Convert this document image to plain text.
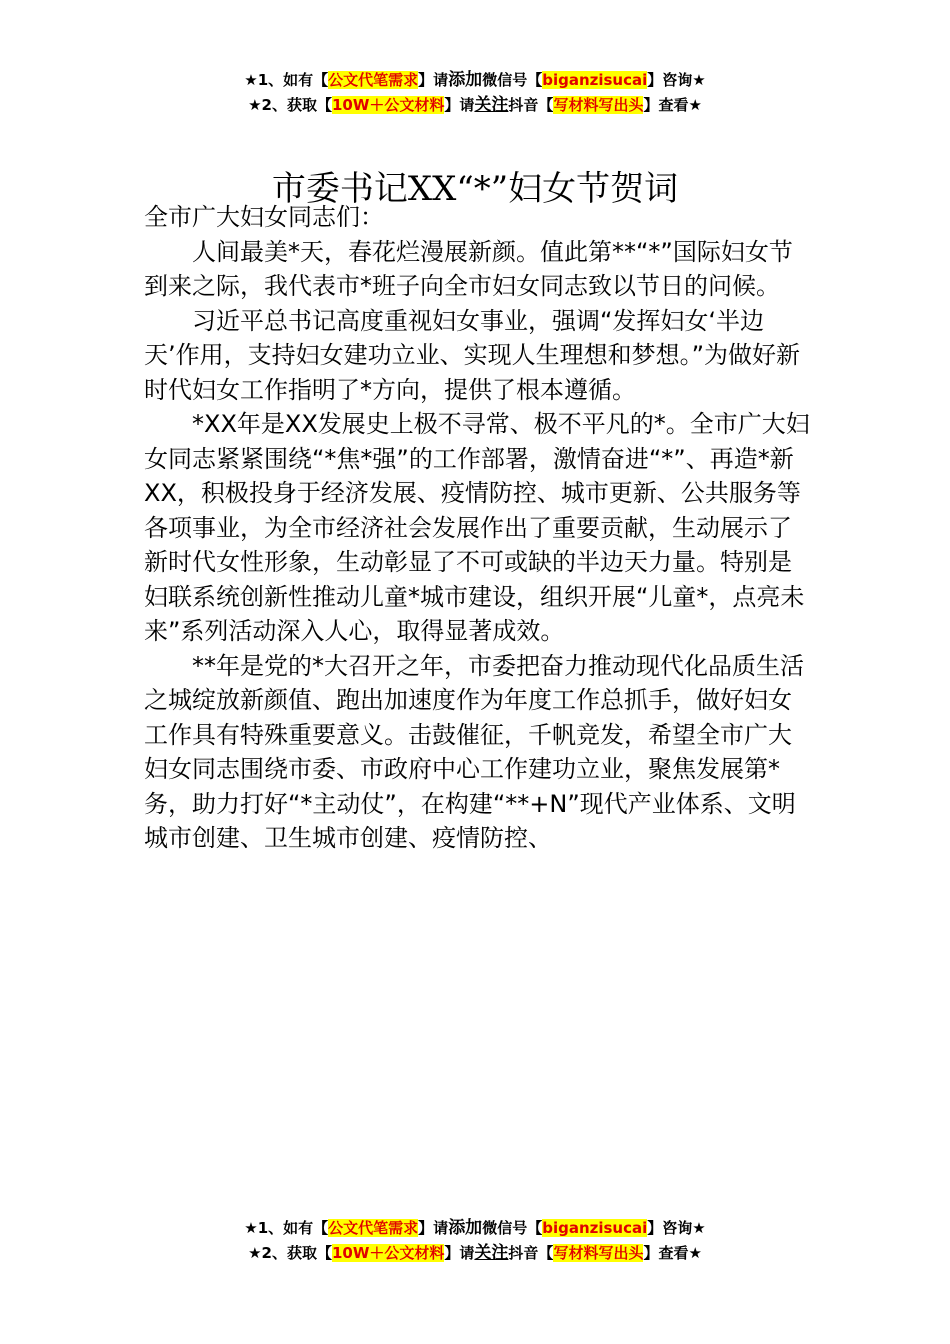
★1、如有【公文代笔需求】请添加微信号【biganzisucai】咨询★
★2、获取【10W＋公文材料】请关注抖音【写材料写出头】查看★
市委书记XX“*”妇女节贺词

全市广大妇女同志们：

人间最美*天，春花烂漫展新颜。值此第**“*”国际妇女节到来之际，我代表市*班子向全市妇女同志致以节日的问候。

习近平总书记高度重视妇女事业，强调“发挥妇女‘半边天’作用，支持妇女建功立业、实现人生理想和梦想。”为做好新时代妇女工作指明了*方向，提供了根本遵循。

*XX年是XX发展史上极不寻常、极不平凡的*。全市广大妇女同志紧紧围绕“*焦*强”的工作部署，激情奋进“*”、再造*新XX，积极投身于经济发展、疫情防控、城市更新、公共服务等各项事业，为全市经济社会发展作出了重要贡献，生动展示了新时代女性形象，生动彰显了不可或缺的半边天力量。特别是妇联系统创新性推动儿童*城市建设，组织开展“儿童*，点亮未来”系列活动深入人心，取得显著成效。

**年是党的*大召开之年，市委把奋力推动现代化品质生活之城绽放新颜值、跑出加速度作为年度工作总抓手，做好妇女工作具有特殊重要意义。击鼓催征，千帆竞发，希望全市广大妇女同志围绕市委、市政府中心工作建功立业，聚焦发展第*务，助力打好“*主动仗”，在构建“**+N”现代产业体系、文明城市创建、卫生城市创建、疫情防控、

★1、如有【公文代笔需求】请添加微信号【biganzisucai】咨询★
★2、获取【10W＋公文材料】请关注抖音【写材料写出头】查看★
